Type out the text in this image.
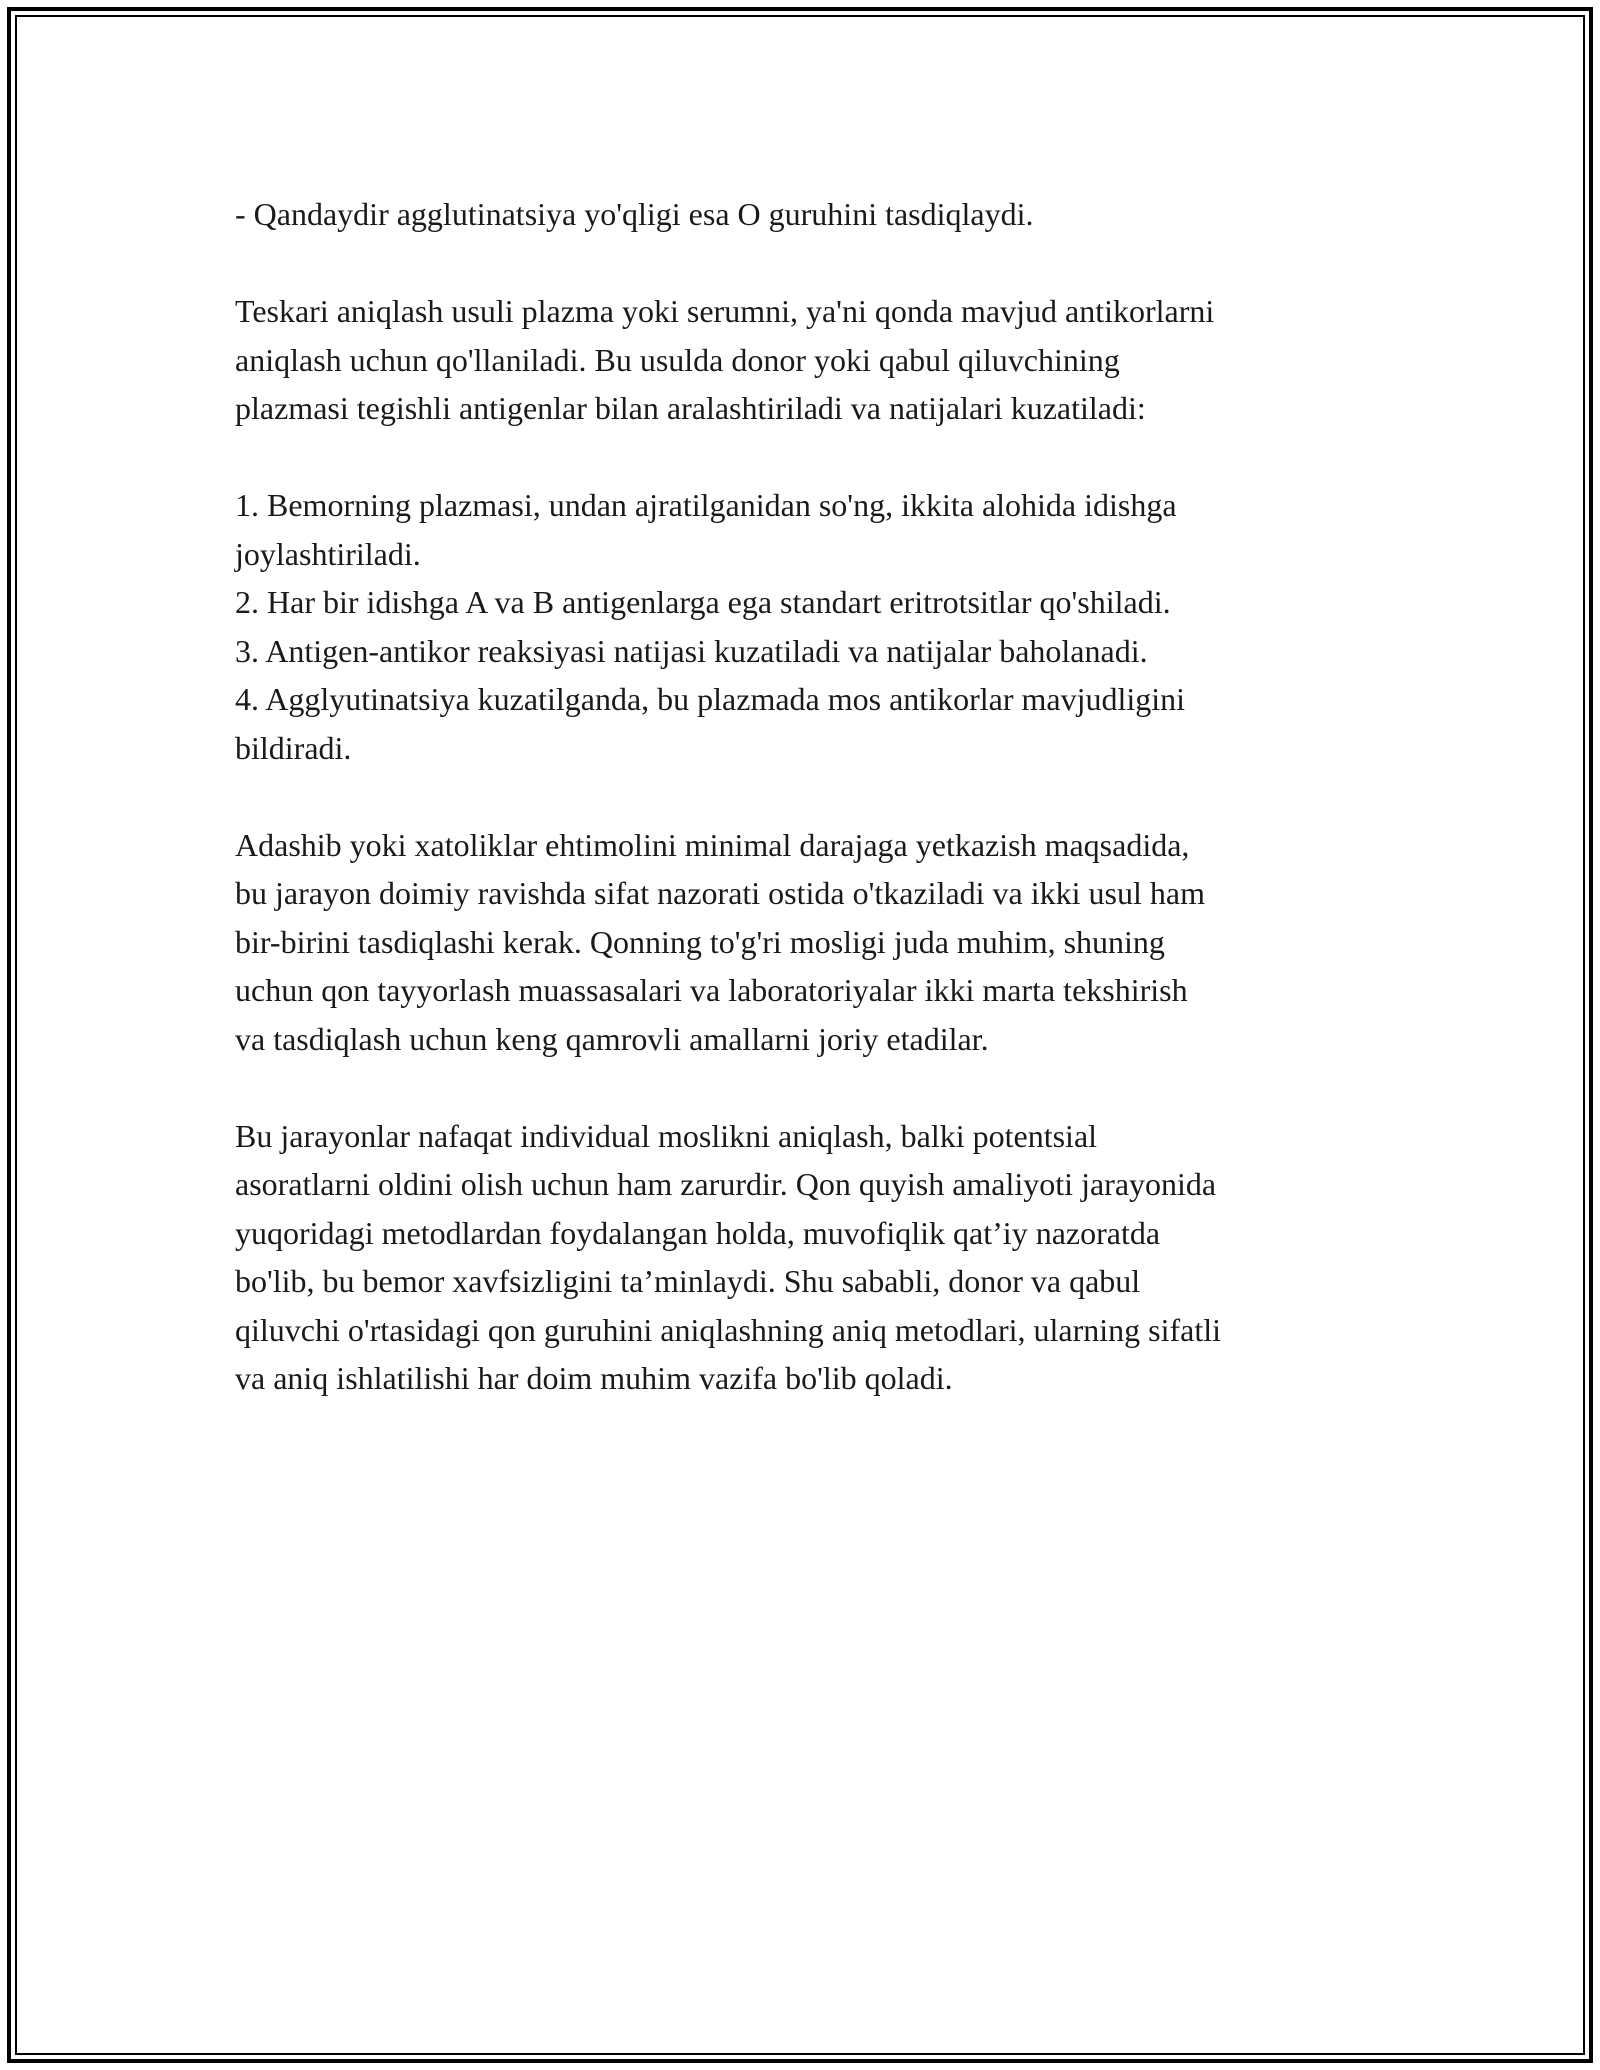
- Qandaydir agglutinatsiya yo'qligi esa O guruhini tasdiqlaydi.

Teskari aniqlash usuli plazma yoki serumni, ya'ni qonda mavjud antikorlarni
aniqlash uchun qo'llaniladi. Bu usulda donor yoki qabul qiluvchining
plazmasi tegishli antigenlar bilan aralashtiriladi va natijalari kuzatiladi:

1. Bemorning plazmasi, undan ajratilganidan so'ng, ikkita alohida idishga
joylashtiriladi.
2. Har bir idishga A va B antigenlarga ega standart eritrotsitlar qo'shiladi.
3. Antigen-antikor reaksiyasi natijasi kuzatiladi va natijalar baholanadi.
4. Agglyutinatsiya kuzatilganda, bu plazmada mos antikorlar mavjudligini
bildiradi.

Adashib yoki xatoliklar ehtimolini minimal darajaga yetkazish maqsadida,
bu jarayon doimiy ravishda sifat nazorati ostida o'tkaziladi va ikki usul ham
bir-birini tasdiqlashi kerak. Qonning to'g'ri mosligi juda muhim, shuning
uchun qon tayyorlash muassasalari va laboratoriyalar ikki marta tekshirish
va tasdiqlash uchun keng qamrovli amallarni joriy etadilar.

Bu jarayonlar nafaqat individual moslikni aniqlash, balki potentsial
asoratlarni oldini olish uchun ham zarurdir. Qon quyish amaliyoti jarayonida
yuqoridagi metodlardan foydalangan holda, muvofiqlik qat’iy nazoratda
bo'lib, bu bemor xavfsizligini ta’minlaydi. Shu sababli, donor va qabul
qiluvchi o'rtasidagi qon guruhini aniqlashning aniq metodlari, ularning sifatli
va aniq ishlatilishi har doim muhim vazifa bo'lib qoladi.
